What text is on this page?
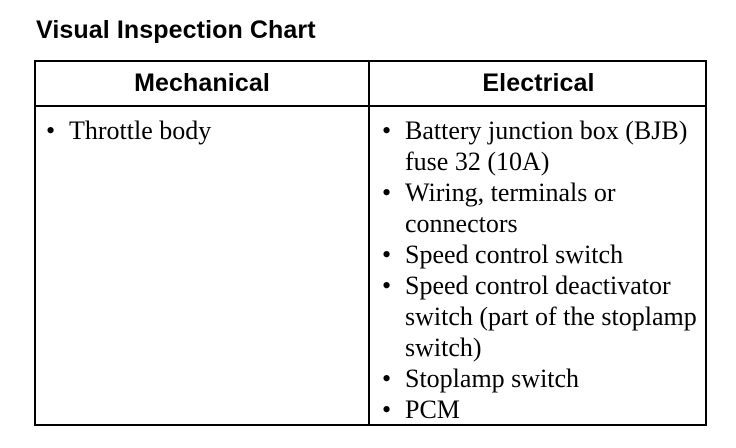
Visual Inspection Chart
Mechanical	Electrical
• Throttle body	• Battery junction box (BJB) fuse 32 (10A)
• Wiring, terminals or connectors
• Speed control switch
• Speed control deactivator switch (part of the stoplamp switch)
• Stoplamp switch
• PCM
